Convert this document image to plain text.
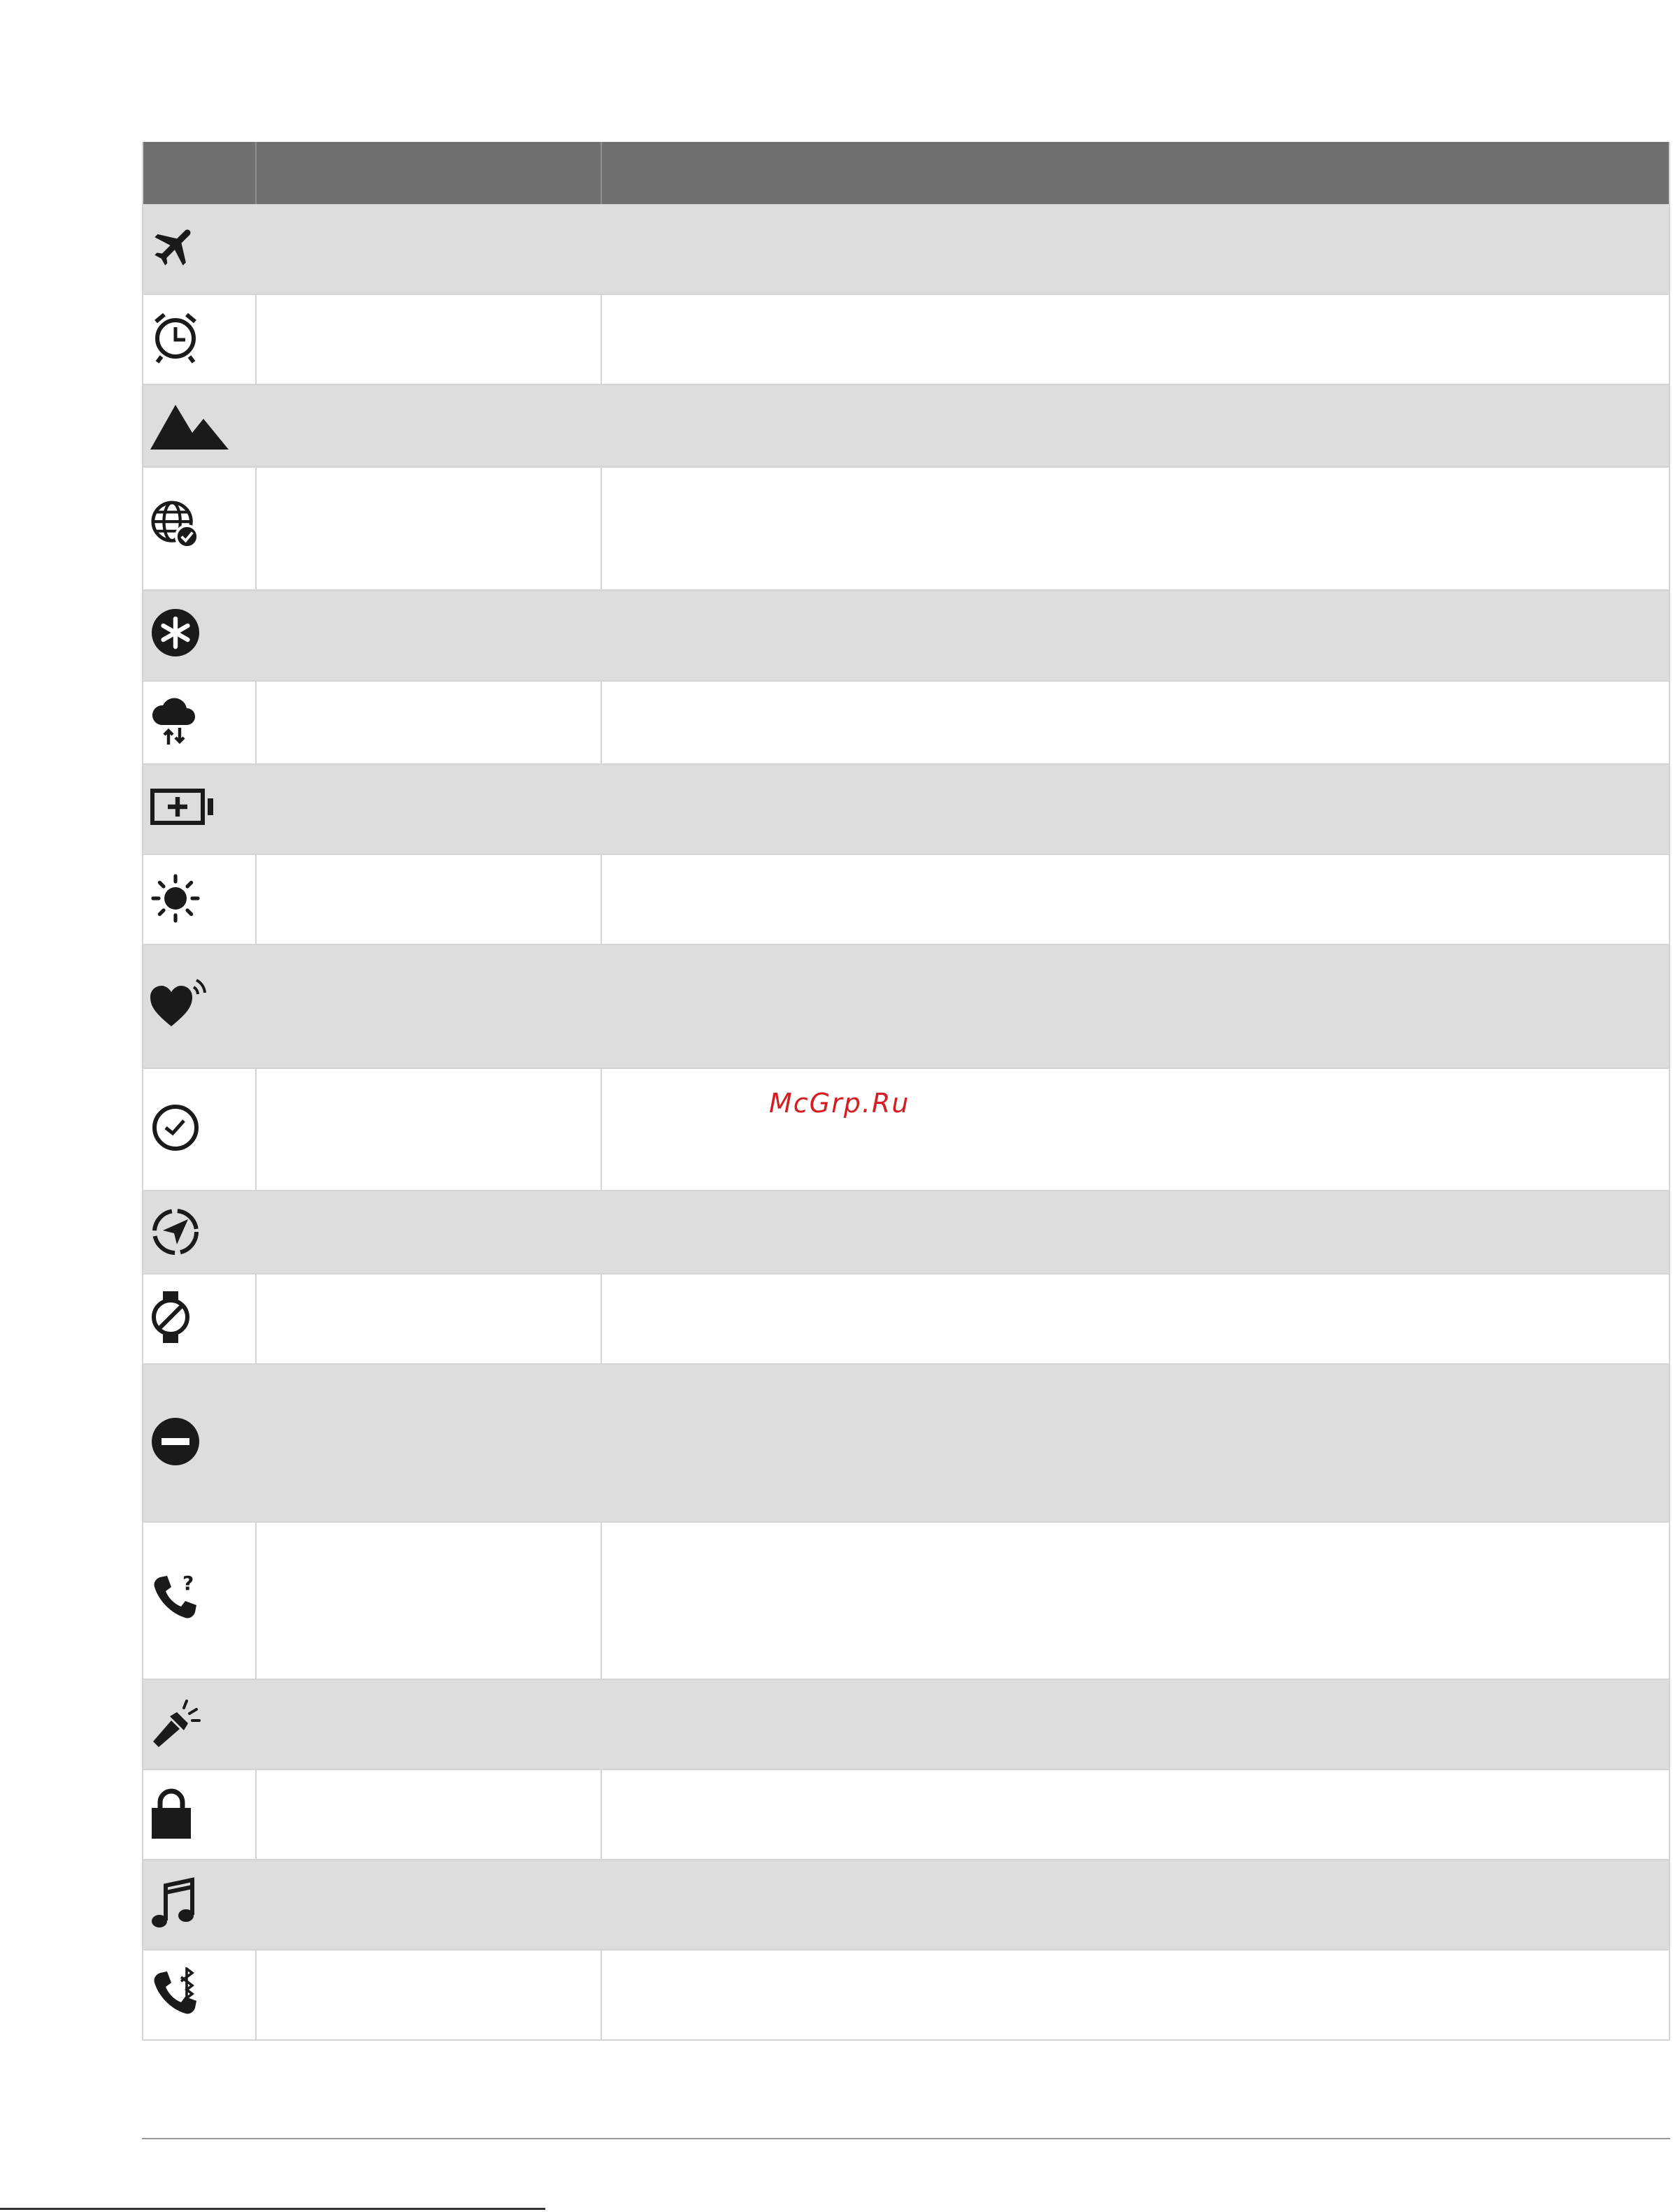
?
McGrp.Ru
